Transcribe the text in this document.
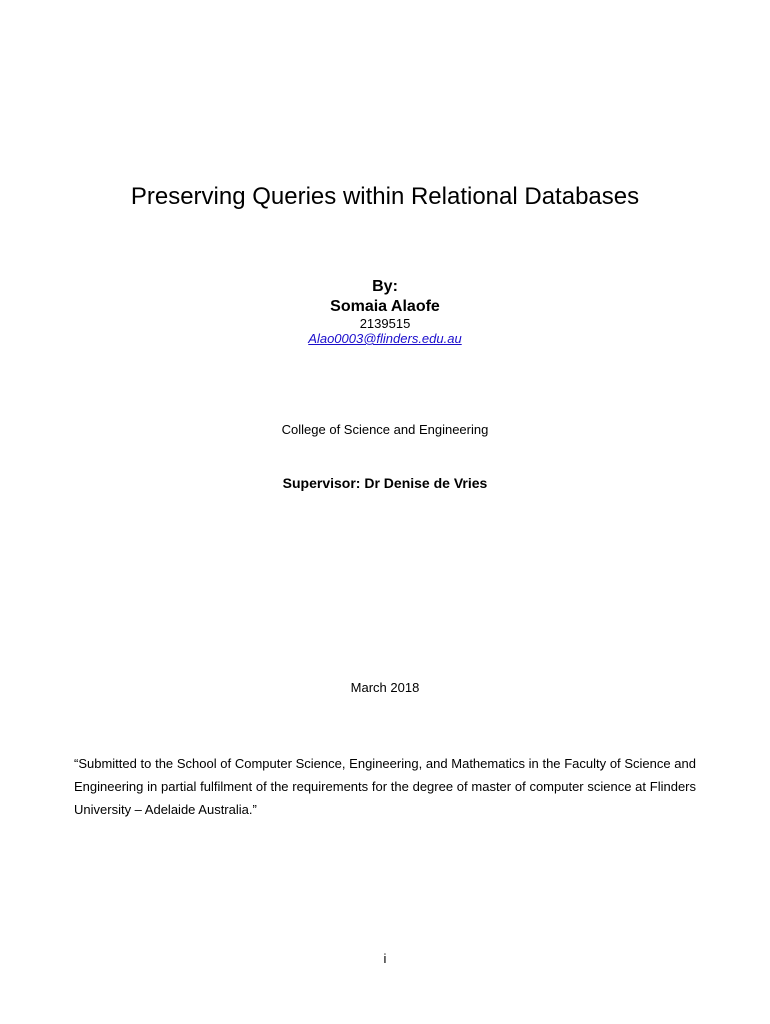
Preserving Queries within Relational Databases
By:
Somaia Alaofe
2139515
Alao0003@flinders.edu.au
College of Science and Engineering
Supervisor: Dr Denise de Vries
March 2018
“Submitted to the School of Computer Science, Engineering, and Mathematics in the Faculty of Science and Engineering in partial fulfilment of the requirements for the degree of master of computer science at Flinders University – Adelaide Australia.”
i
